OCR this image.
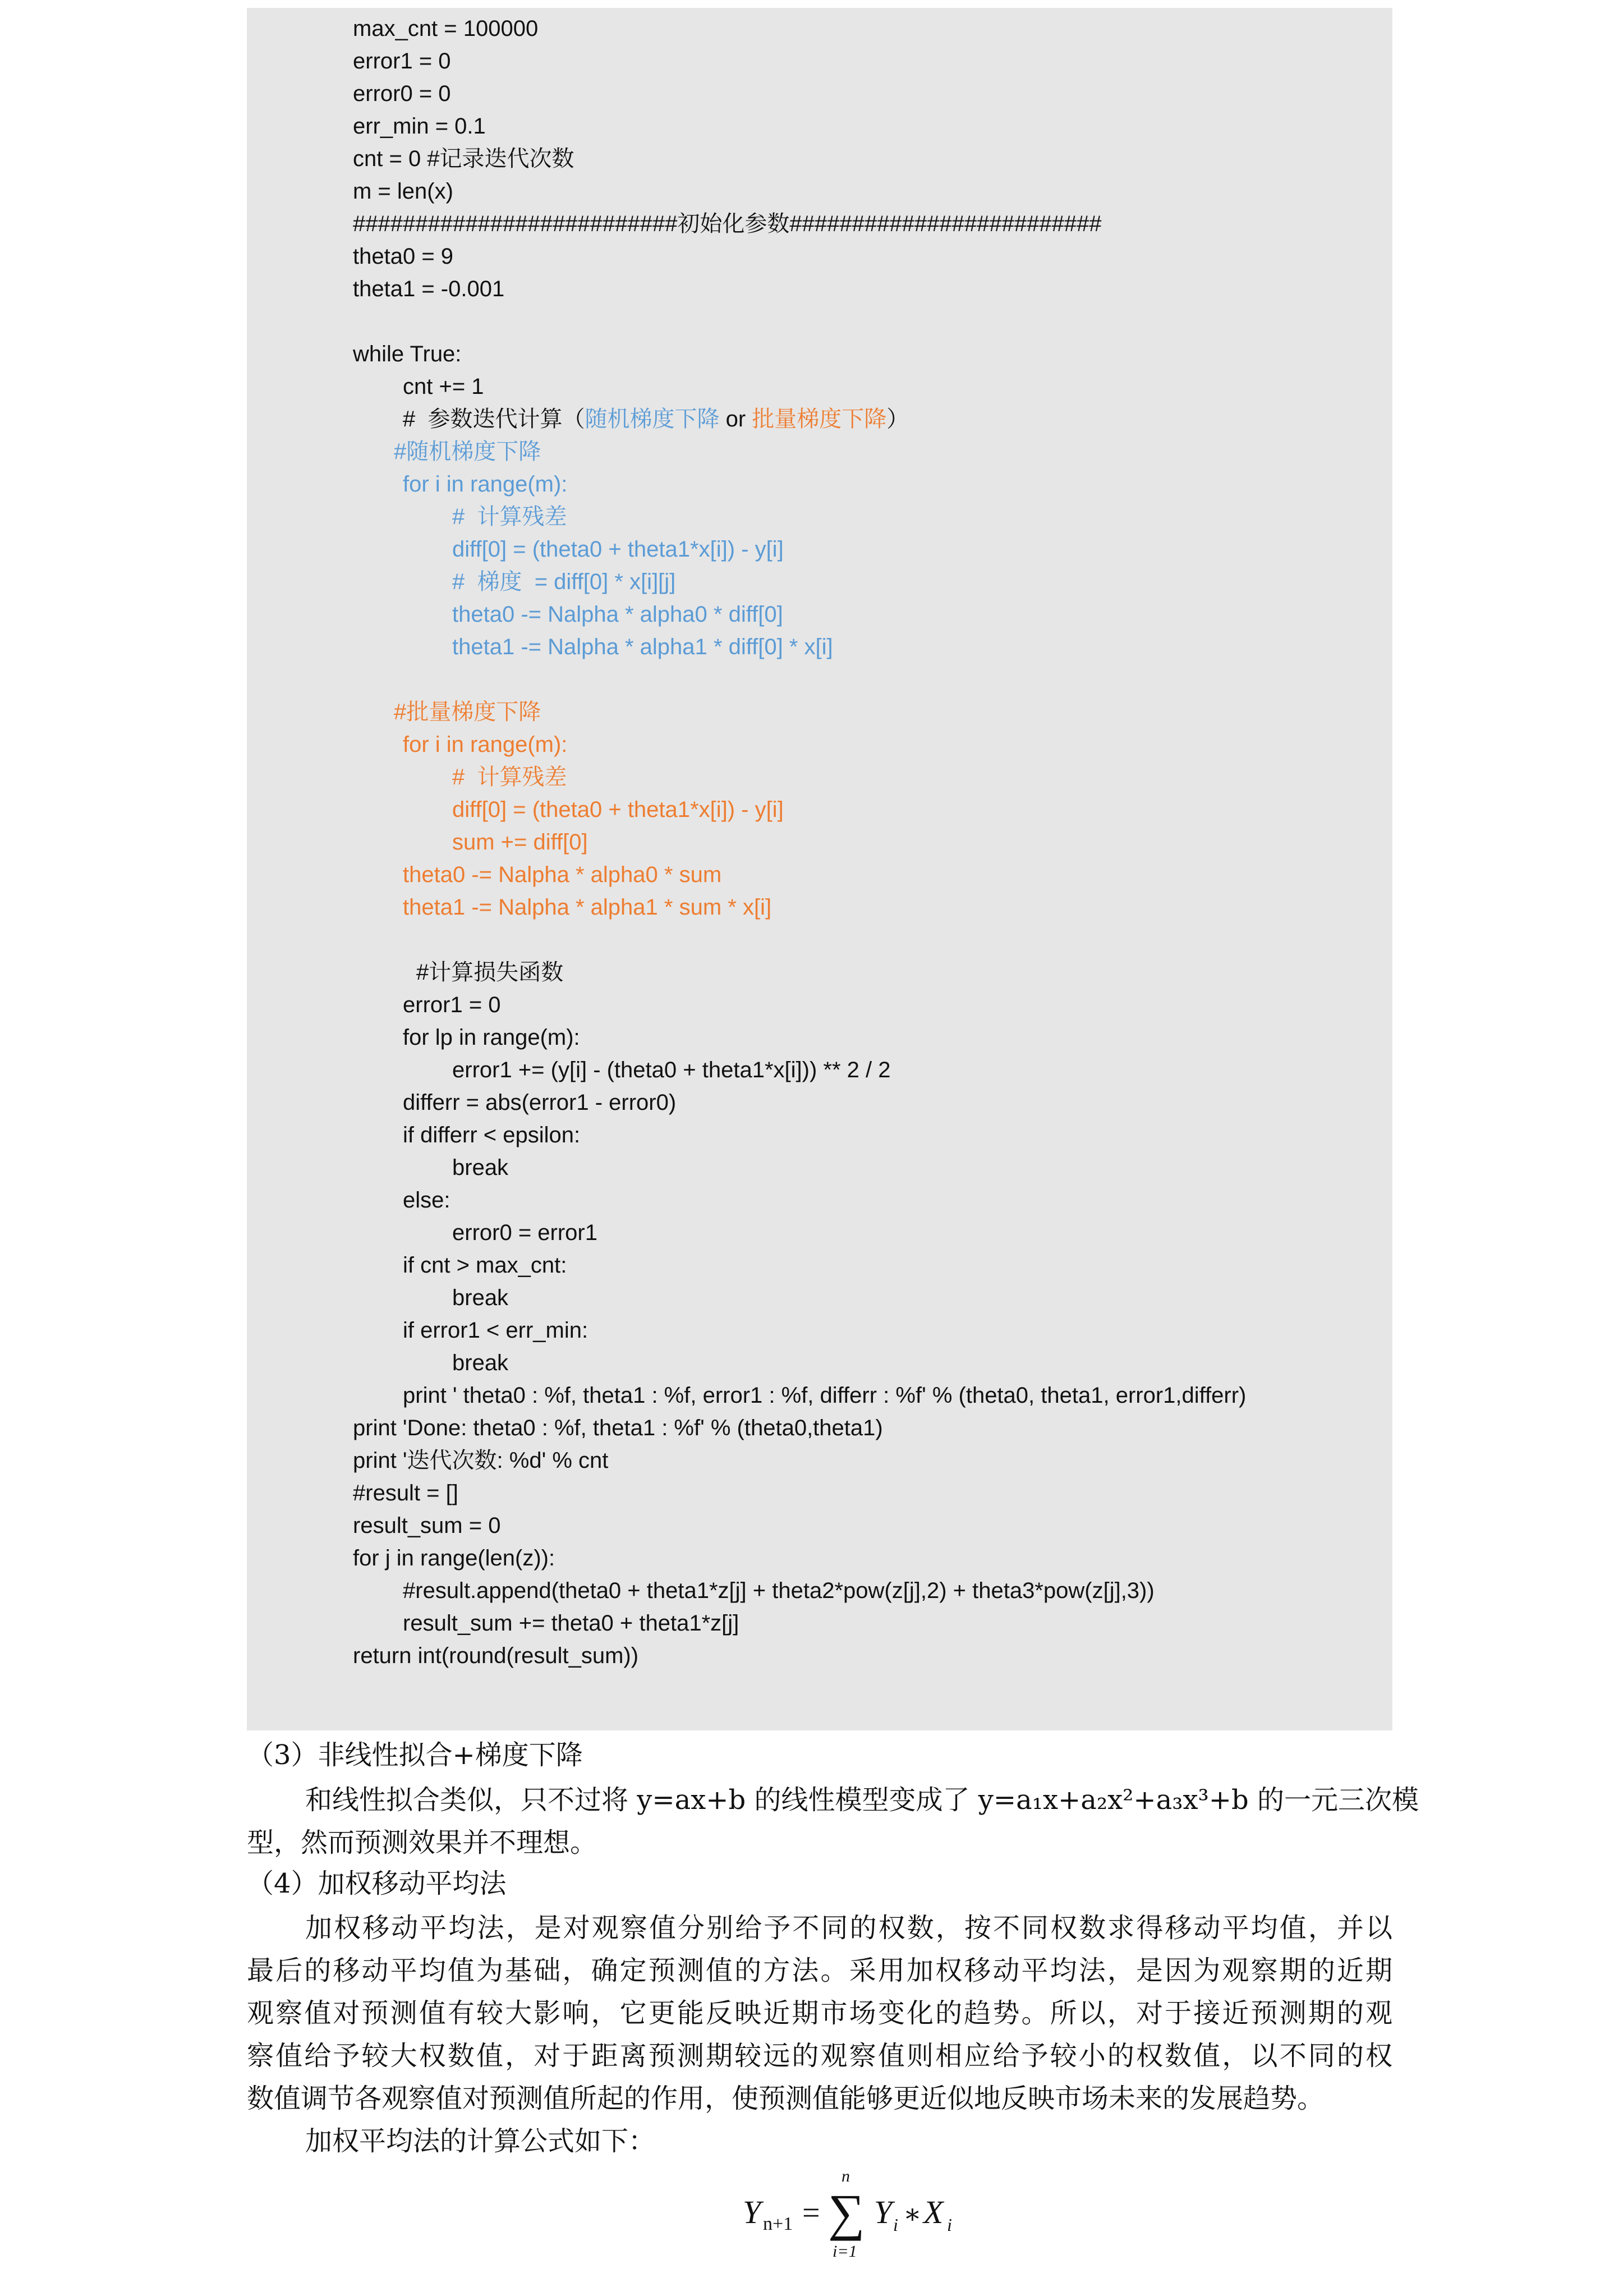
max_cnt = 100000
error1 = 0
error0 = 0
err_min = 0.1
cnt = 0 #记录迭代次数
m = len(x)
##########################初始化参数#########################
theta0 = 9
theta1 = -0.001
while True:
cnt += 1
#  参数迭代计算（随机梯度下降 or 批量梯度下降）
#随机梯度下降
for i in range(m):
#  计算残差
diff[0] = (theta0 + theta1*x[i]) - y[i]
#  梯度  = diff[0] * x[i][j]
theta0 -= Nalpha * alpha0 * diff[0]
theta1 -= Nalpha * alpha1 * diff[0] * x[i]
#批量梯度下降
for i in range(m):
#  计算残差
diff[0] = (theta0 + theta1*x[i]) - y[i]
sum += diff[0]
theta0 -= Nalpha * alpha0 * sum
theta1 -= Nalpha * alpha1 * sum * x[i]
#计算损失函数
error1 = 0
for lp in range(m):
error1 += (y[i] - (theta0 + theta1*x[i])) ** 2 / 2
differr = abs(error1 - error0)
if differr < epsilon:
break
else:
error0 = error1
if cnt > max_cnt:
break
if error1 < err_min:
break
print ' theta0 : %f, theta1 : %f, error1 : %f, differr : %f' % (theta0, theta1, error1,differr)
print 'Done: theta0 : %f, theta1 : %f' % (theta0,theta1)
print '迭代次数: %d' % cnt
#result = []
result_sum = 0
for j in range(len(z)):
#result.append(theta0 + theta1*z[j] + theta2*pow(z[j],2) + theta3*pow(z[j],3))
result_sum += theta0 + theta1*z[j]
return int(round(result_sum))
（3）非线性拟合+梯度下降
和线性拟合类似，只不过将 y=ax+b 的线性模型变成了 y=a₁x+a₂x²+a₃x³+b 的一元三次模
型，然而预测效果并不理想。
（4）加权移动平均法
加权移动平均法，是对观察值分别给予不同的权数，按不同权数求得移动平均值，并以
最后的移动平均值为基础，确定预测值的方法。采用加权移动平均法，是因为观察期的近期
观察值对预测值有较大影响，它更能反映近期市场变化的趋势。所以，对于接近预测期的观
察值给予较大权数值，对于距离预测期较远的观察值则相应给予较小的权数值，以不同的权
数值调节各观察值对预测值所起的作用，使预测值能够更近似地反映市场未来的发展趋势。
加权平均法的计算公式如下：
Y n+1 =
n
∑
i=1
Y i ∗ X i
